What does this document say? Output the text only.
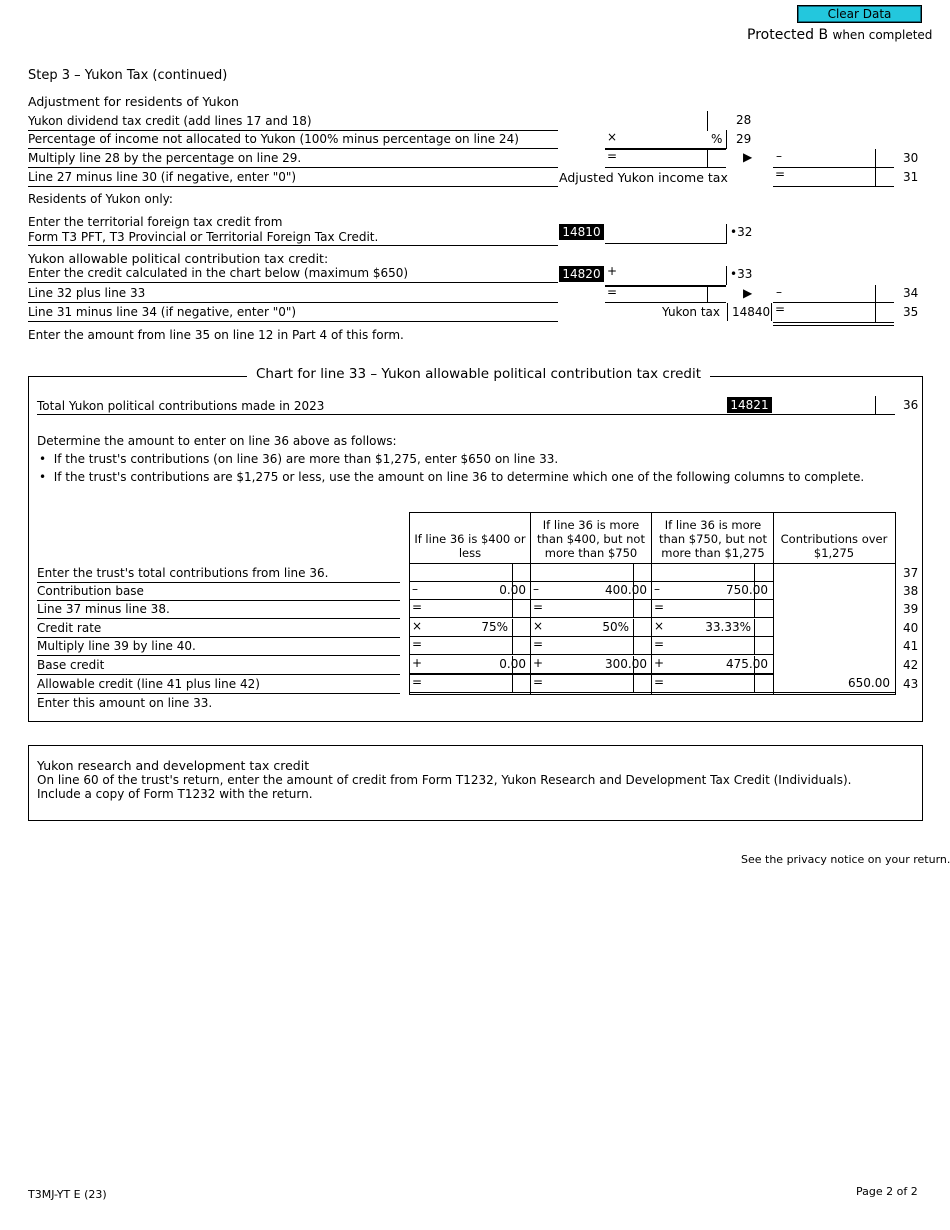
Clear Data
Protected B when completed
Step 3 – Yukon Tax (continued)
Adjustment for residents of Yukon
Yukon dividend tax credit (add lines 17 and 18)	28
Percentage of income not allocated to Yukon (100% minus percentage on line 24)	×	% 29
Multiply line 28 by the percentage on line 29.	=	▶ –	30
Line 27 minus line 30 (if negative, enter "0")	Adjusted Yukon income tax	=	31
Residents of Yukon only:
Enter the territorial foreign tax credit from
Form T3 PFT, T3 Provincial or Territorial Foreign Tax Credit.	14810	•32
Yukon allowable political contribution tax credit:
Enter the credit calculated in the chart below (maximum $650)	14820 +	•33
Line 32 plus line 33	=	▶ –	34
Line 31 minus line 34 (if negative, enter "0")	Yukon tax 14840 =	35
Enter the amount from line 35 on line 12 in Part 4 of this form.
Chart for line 33 – Yukon allowable political contribution tax credit
Total Yukon political contributions made in 2023	14821	36
Determine the amount to enter on line 36 above as follows:
•  If the trust's contributions (on line 36) are more than $1,275, enter $650 on line 33.
•  If the trust's contributions are $1,275 or less, use the amount on line 36 to determine which one of the following columns to complete.
If line 36 is $400 or less
If line 36 is more than $400, but not more than $750
If line 36 is more than $750, but not more than $1,275
Contributions over $1,275
Enter the trust's total contributions from line 36.	37
Contribution base	–	0.00 –	400.00 –	750.00	38
Line 37 minus line 38.	=	=	=	39
Credit rate	×	75% ×	50% ×	33.33%	40
Multiply line 39 by line 40.	=	=	=	41
Base credit	+	0.00 +	300.00 +	475.00	42
Allowable credit (line 41 plus line 42)	=	=	=	650.00 43
Enter this amount on line 33.
Yukon research and development tax credit
On line 60 of the trust's return, enter the amount of credit from Form T1232, Yukon Research and Development Tax Credit (Individuals). Include a copy of Form T1232 with the return.
See the privacy notice on your return.
T3MJ-YT E (23)	Page 2 of 2
